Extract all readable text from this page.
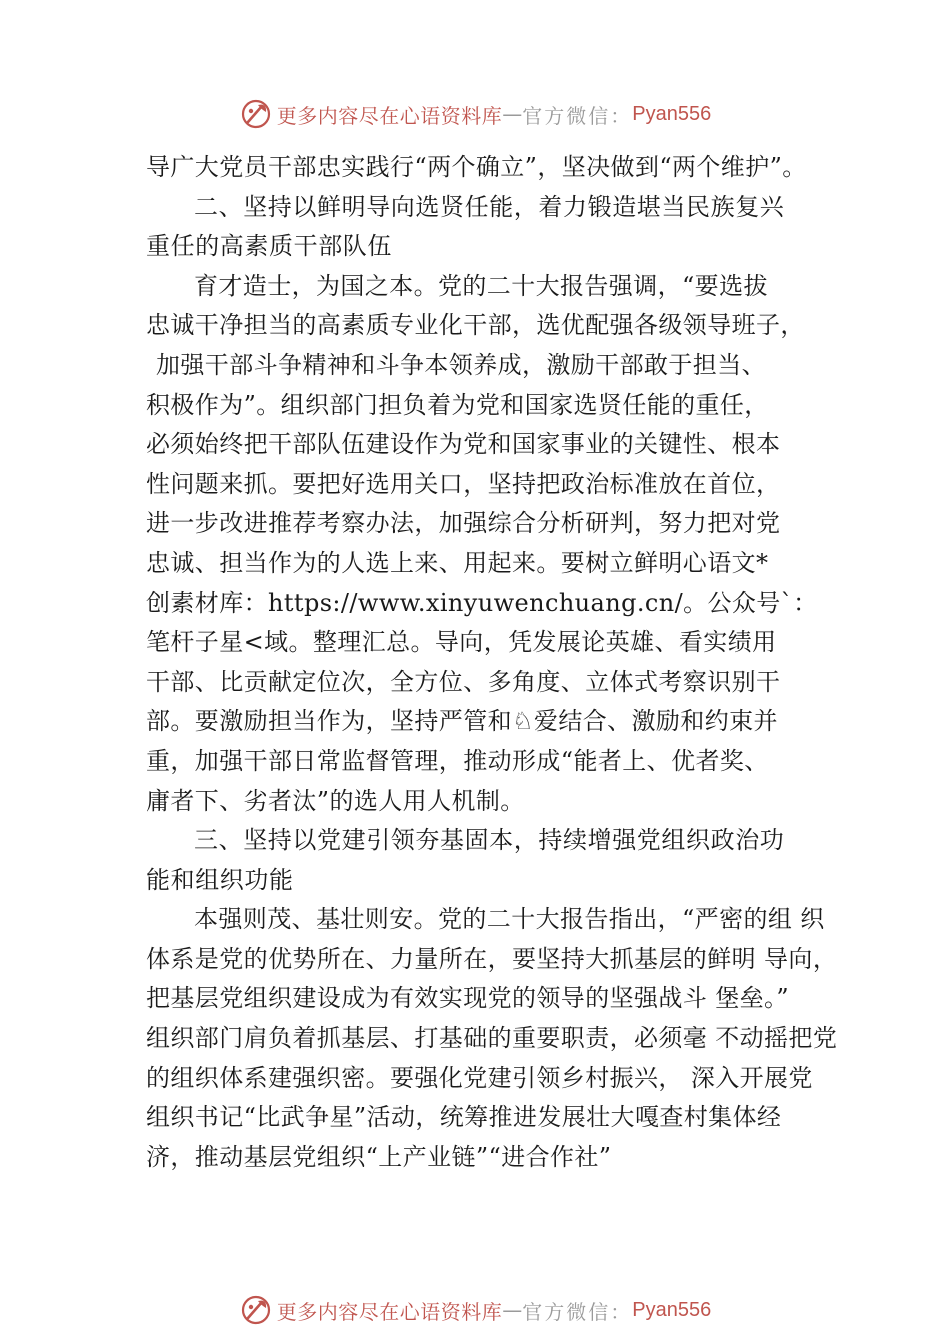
更多内容尽在心语资料库 — 官方微信： Pyan556
导广大党员干部忠实践行“两个确立”，坚决做到“两个维护”。
二、坚持以鲜明导向选贤任能，着力锻造堪当民族复兴
重任的高素质干部队伍
育才造士，为国之本。党的二十大报告强调，“要选拔
忠诚干净担当的高素质专业化干部，选优配强各级领导班子，
加强干部斗争精神和斗争本领养成，激励干部敢于担当、
积极作为”。组织部门担负着为党和国家选贤任能的重任，
必须始终把干部队伍建设作为党和国家事业的关键性、根本
性问题来抓。要把好选用关口，坚持把政治标准放在首位，
进一步改进推荐考察办法，加强综合分析研判，努力把对党
忠诚、担当作为的人选上来、用起来。要树立鲜明心语文*
创素材库：https://www.xinyuwenchuang.cn/。公众号`：
笔杆子星<域。整理汇总。导向，凭发展论英雄、看实绩用
干部、比贡献定位次，全方位、多角度、立体式考察识别干
部。要激励担当作为，坚持严管和♘爱结合、激励和约束并
重，加强干部日常监督管理，推动形成“能者上、优者奖、
庸者下、劣者汰”的选人用人机制。
三、坚持以党建引领夯基固本，持续增强党组织政治功
能和组织功能
本强则茂、基壮则安。党的二十大报告指出，“严密的组 织
体系是党的优势所在、力量所在，要坚持大抓基层的鲜明 导向，
把基层党组织建设成为有效实现党的领导的坚强战斗 堡垒。”
组织部门肩负着抓基层、打基础的重要职责，必须毫 不动摇把党
的组织体系建强织密。要强化党建引领乡村振兴， 深入开展党
组织书记“比武争星”活动，统筹推进发展壮大嘎查村集体经
济，推动基层党组织“上产业链”“进合作社”
更多内容尽在心语资料库 — 官方微信： Pyan556
